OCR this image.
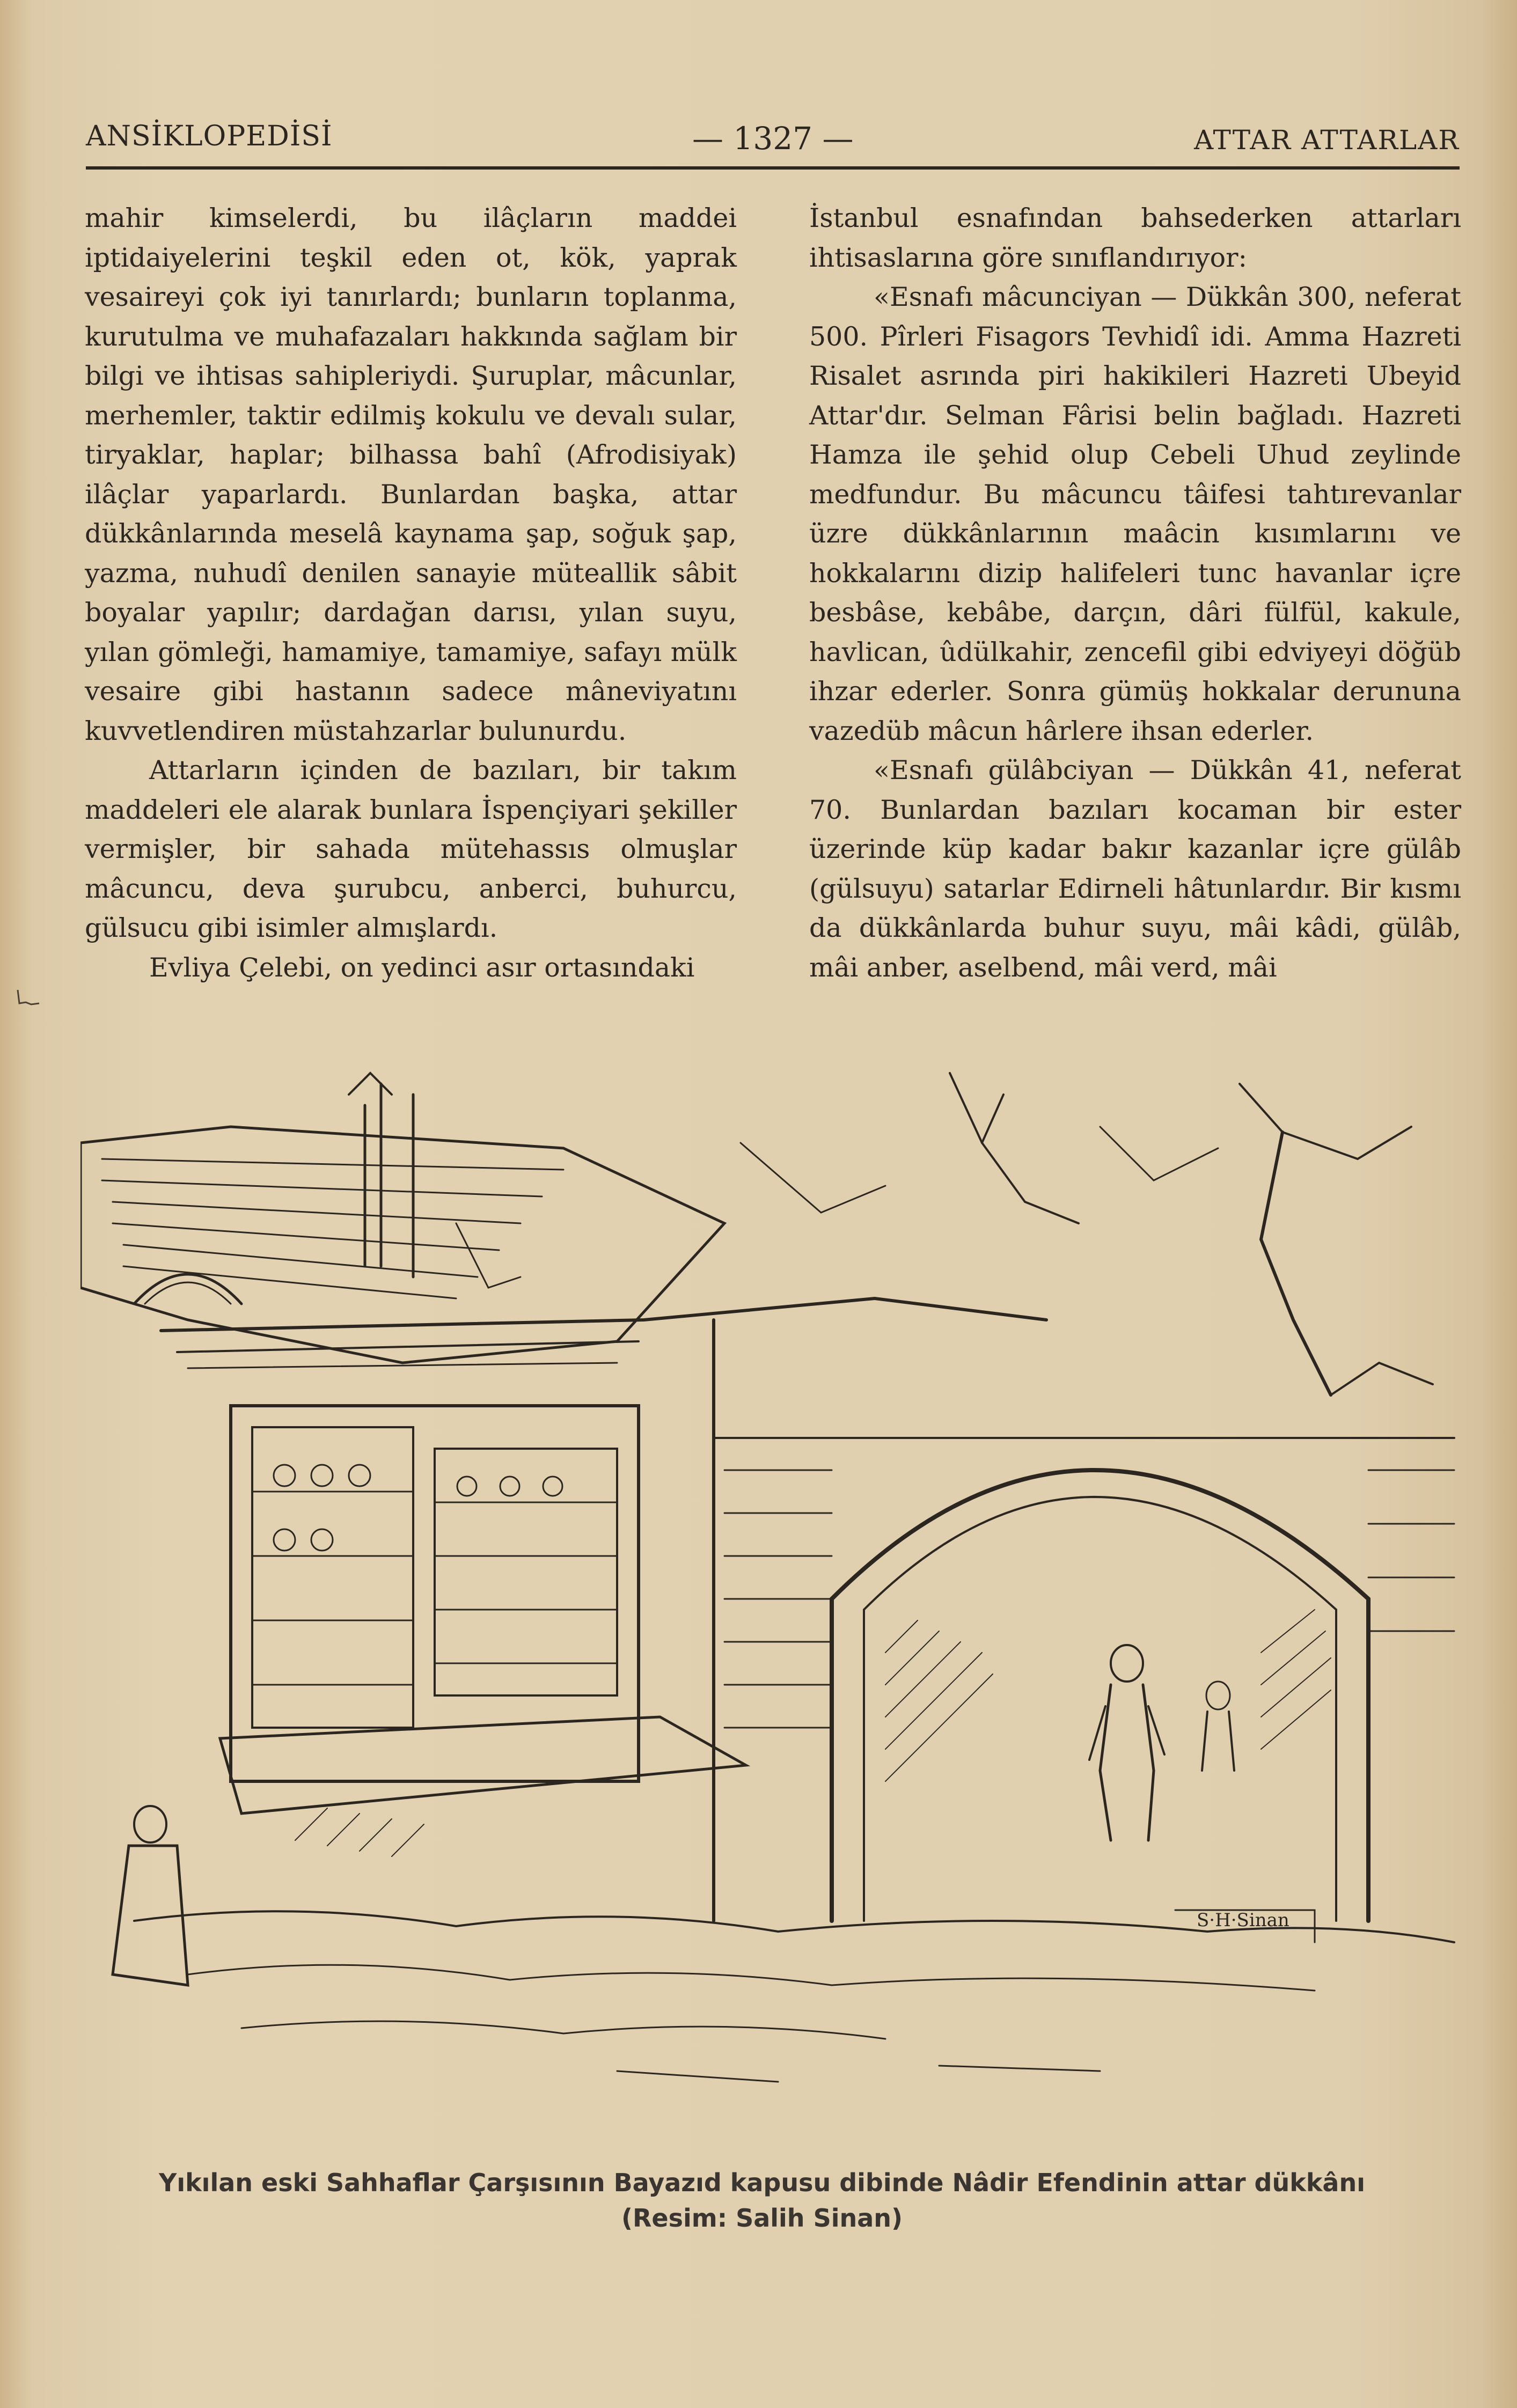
ANSİKLOPEDİSİ	— 1327 —	ATTAR ATTARLAR

mahir kimselerdi, bu ilâçların maddei iptidaiyelerini teşkil eden ot, kök, yaprak vesaireyi çok iyi tanırlardı; bunların toplanma, kurutulma ve muhafazaları hakkında sağlam bir bilgi ve ihtisas sahipleriydi. Şuruplar, mâcunlar, merhemler, taktir edilmiş kokulu ve devalı sular, tiryaklar, haplar; bilhassa bahî (Afrodisiyak) ilâçlar yaparlardı. Bunlardan başka, attar dükkânlarında meselâ kaynama şap, soğuk şap, yazma, nuhudî denilen sanayie müteallik sâbit boyalar yapılır; dardağan darısı, yılan suyu, yılan gömleği, hamamiye, tamamiye, safayı mülk vesaire gibi hastanın sadece mâneviyatını kuvvetlendiren müstahzarlar bulunurdu.

Attarların içinden de bazıları, bir takım maddeleri ele alarak bunlara İspençiyari şekiller vermişler, bir sahada mütehassıs olmuşlar mâcuncu, deva şurubcu, anberci, buhurcu, gülsucu gibi isimler almışlardı.

Evliya Çelebi, on yedinci asır ortasındaki

İstanbul esnafından bahsederken attarları ihtisaslarına göre sınıflandırıyor:

«Esnafı mâcunciyan — Dükkân 300, neferat 500. Pîrleri Fisagors Tevhidî idi. Amma Hazreti Risalet asrında piri hakikileri Hazreti Ubeyid Attar'dır. Selman Fârisi belin bağladı. Hazreti Hamza ile şehid olup Cebeli Uhud zeylinde medfundur. Bu mâcuncu tâifesi tahtırevanlar üzre dükkânlarının maâcin kısımlarını ve hokkalarını dizip halifeleri tunc havanlar içre besbâse, kebâbe, darçın, dâri fülfül, kakule, havlican, ûdülkahir, zencefil gibi edviyeyi döğüb ihzar ederler. Sonra gümüş hokkalar derununa vazedüb mâcun hârlere ihsan ederler.

«Esnafı gülâbciyan — Dükkân 41, neferat 70. Bunlardan bazıları kocaman bir ester üzerinde küp kadar bakır kazanlar içre gülâb (gülsuyu) satarlar Edirneli hâtunlardır. Bir kısmı da dükkânlarda buhur suyu, mâi kâdi, gülâb, mâi anber, aselbend, mâi verd, mâi

S·H·Sinan
Yıkılan eski Sahhaflar Çarşısının Bayazıd kapusu dibinde Nâdir Efendinin attar dükkânı
(Resim: Salih Sinan)
